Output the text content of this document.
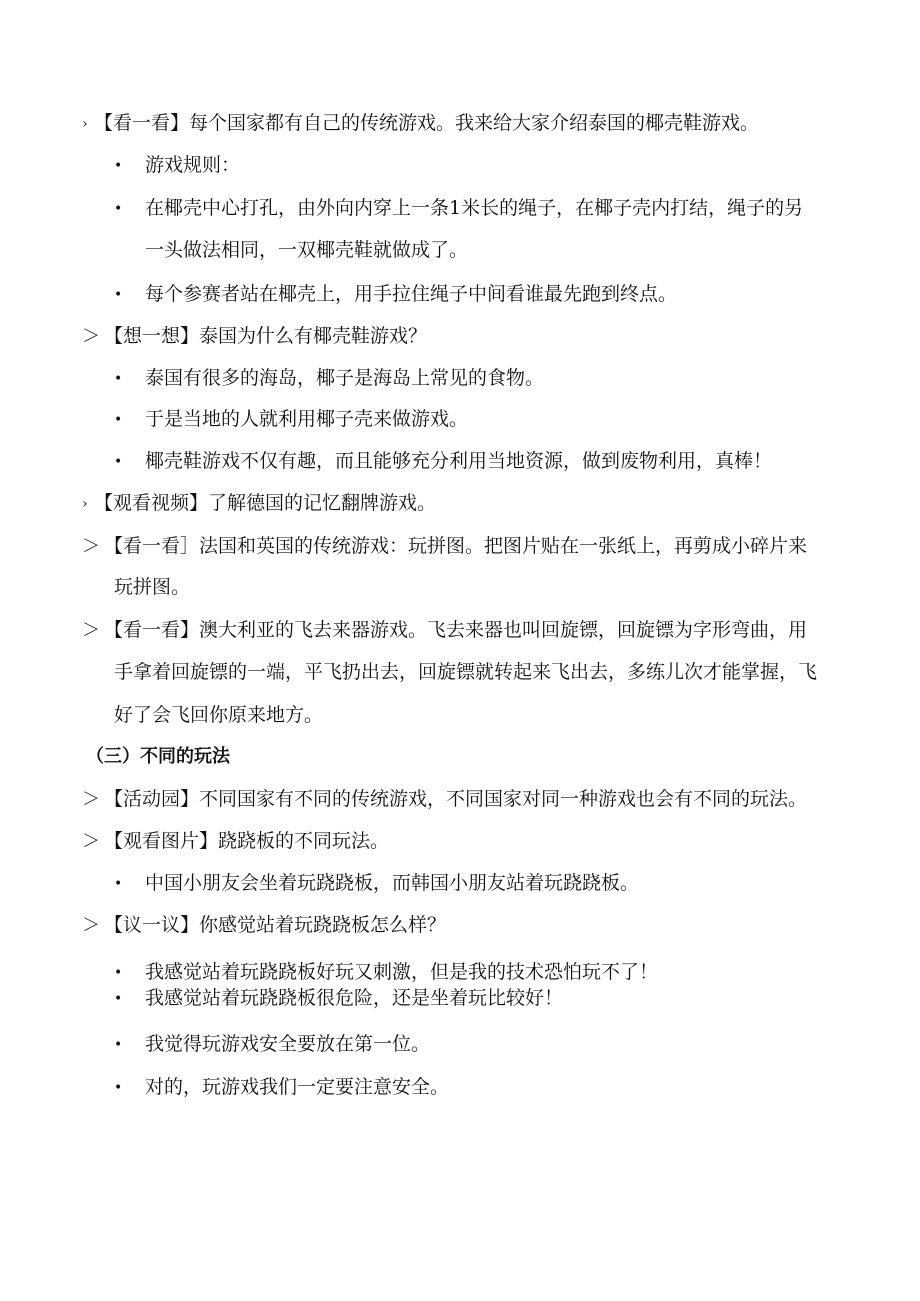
› 【看一看】每个国家都有自己的传统游戏。我来给大家介绍泰国的椰壳鞋游戏。
• 游戏规则：
• 在椰壳中心打孔，由外向内穿上一条1米长的绳子，在椰子壳内打结，绳子的另
一头做法相同，一双椰壳鞋就做成了。
• 每个参赛者站在椰壳上，用手拉住绳子中间看谁最先跑到终点。
＞ 【想一想】泰国为什么有椰壳鞋游戏？
• 泰国有很多的海岛，椰子是海岛上常见的食物。
• 于是当地的人就利用椰子壳来做游戏。
• 椰壳鞋游戏不仅有趣，而且能够充分利用当地资源，做到废物利用，真棒！
› 【观看视频】了解德国的记忆翻牌游戏。
＞ 【看一看］法国和英国的传统游戏：玩拼图。把图片贴在一张纸上，再剪成小碎片来
玩拼图。
＞ 【看一看】澳大利亚的飞去来器游戏。飞去来器也叫回旋镖，回旋镖为字形弯曲，用
手拿着回旋镖的一端，平飞扔出去，回旋镖就转起来飞出去，多练儿次才能掌握，飞
好了会飞回你原来地方。
（三）不同的玩法
＞ 【活动园】不同国家有不同的传统游戏，不同国家对同一种游戏也会有不同的玩法。
＞ 【观看图片】跷跷板的不同玩法。
• 中国小朋友会坐着玩跷跷板，而韩国小朋友站着玩跷跷板。
＞ 【议一议】你感觉站着玩跷跷板怎么样？
• 我感觉站着玩跷跷板好玩又刺激，但是我的技术恐怕玩不了！
• 我感觉站着玩跷跷板很危险，还是坐着玩比较好！
• 我觉得玩游戏安全要放在第一位。
• 对的，玩游戏我们一定要注意安全。
